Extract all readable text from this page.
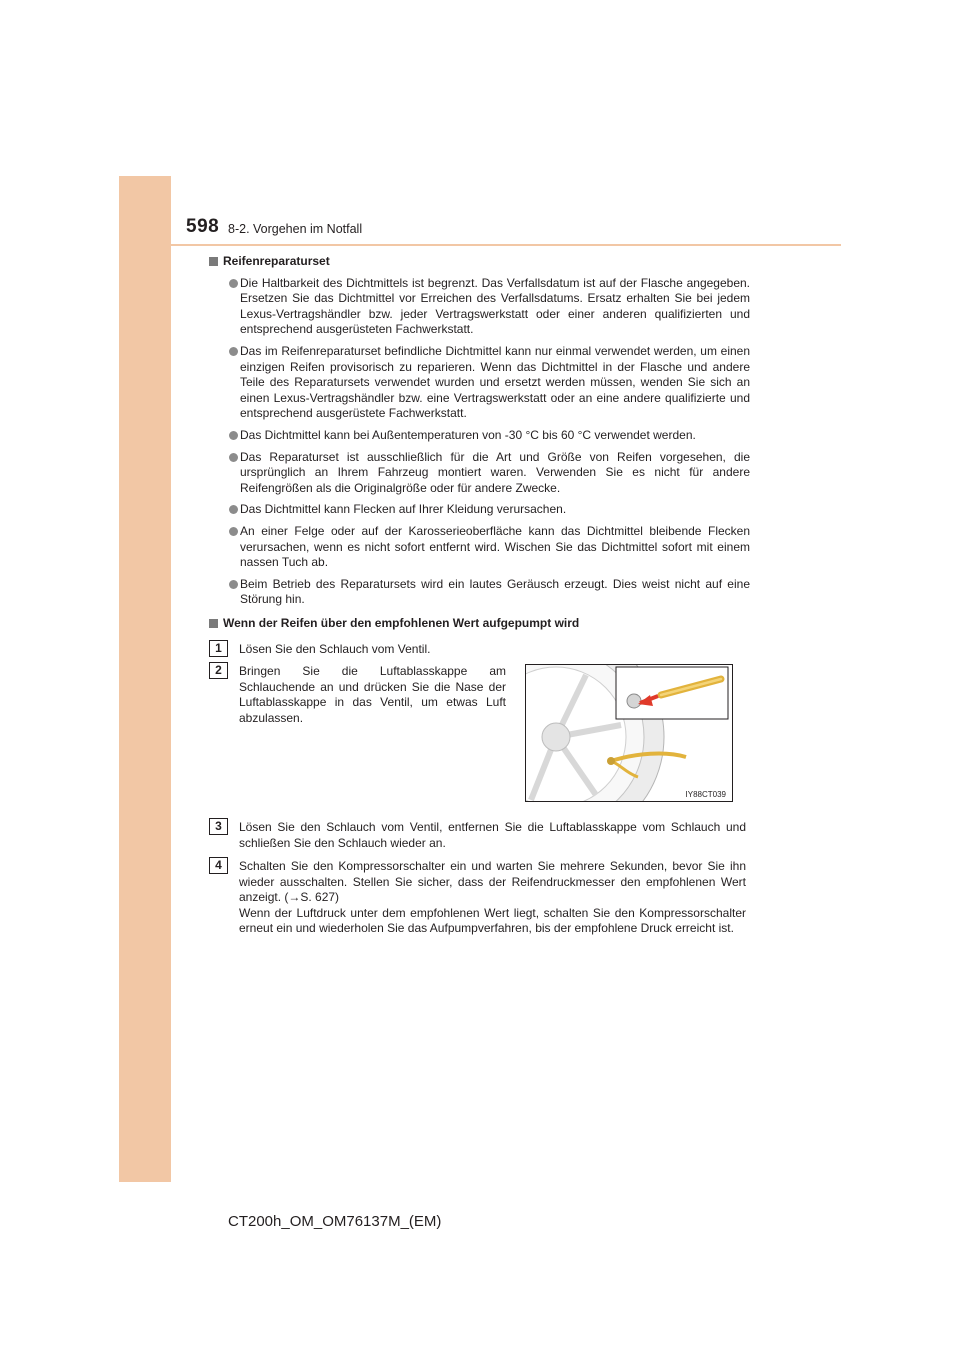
598 8-2. Vorgehen im Notfall
Reifenreparaturset
Die Haltbarkeit des Dichtmittels ist begrenzt. Das Verfallsdatum ist auf der Flasche angegeben. Ersetzen Sie das Dichtmittel vor Erreichen des Verfallsdatums. Ersatz erhalten Sie bei jedem Lexus-Vertragshändler bzw. jeder Vertragswerkstatt oder einer anderen qualifizierten und entsprechend ausgerüsteten Fachwerkstatt.
Das im Reifenreparaturset befindliche Dichtmittel kann nur einmal verwendet werden, um einen einzigen Reifen provisorisch zu reparieren. Wenn das Dichtmittel in der Flasche und andere Teile des Reparatursets verwendet wurden und ersetzt werden müssen, wenden Sie sich an einen Lexus-Vertragshändler bzw. eine Vertragswerkstatt oder an eine andere qualifizierte und entsprechend ausgerüstete Fachwerkstatt.
Das Dichtmittel kann bei Außentemperaturen von -30 °C bis 60 °C verwendet werden.
Das Reparaturset ist ausschließlich für die Art und Größe von Reifen vorgesehen, die ursprünglich an Ihrem Fahrzeug montiert waren. Verwenden Sie es nicht für andere Reifengrößen als die Originalgröße oder für andere Zwecke.
Das Dichtmittel kann Flecken auf Ihrer Kleidung verursachen.
An einer Felge oder auf der Karosserieoberfläche kann das Dichtmittel bleibende Flecken verursachen, wenn es nicht sofort entfernt wird. Wischen Sie das Dichtmittel sofort mit einem nassen Tuch ab.
Beim Betrieb des Reparatursets wird ein lautes Geräusch erzeugt. Dies weist nicht auf eine Störung hin.
Wenn der Reifen über den empfohlenen Wert aufgepumpt wird
1	Lösen Sie den Schlauch vom Ventil.
2	Bringen Sie die Luftablasskappe am Schlauchende an und drücken Sie die Nase der Luftablasskappe in das Ventil, um etwas Luft abzulassen.
IY88CT039
3	Lösen Sie den Schlauch vom Ventil, entfernen Sie die Luftablasskappe vom Schlauch und schließen Sie den Schlauch wieder an.
4	Schalten Sie den Kompressorschalter ein und warten Sie mehrere Sekunden, bevor Sie ihn wieder ausschalten. Stellen Sie sicher, dass der Reifendruckmesser den empfohlenen Wert anzeigt. (→S. 627)
Wenn der Luftdruck unter dem empfohlenen Wert liegt, schalten Sie den Kompressorschalter erneut ein und wiederholen Sie das Aufpumpverfahren, bis der empfohlene Druck erreicht ist.
CT200h_OM_OM76137M_(EM)
